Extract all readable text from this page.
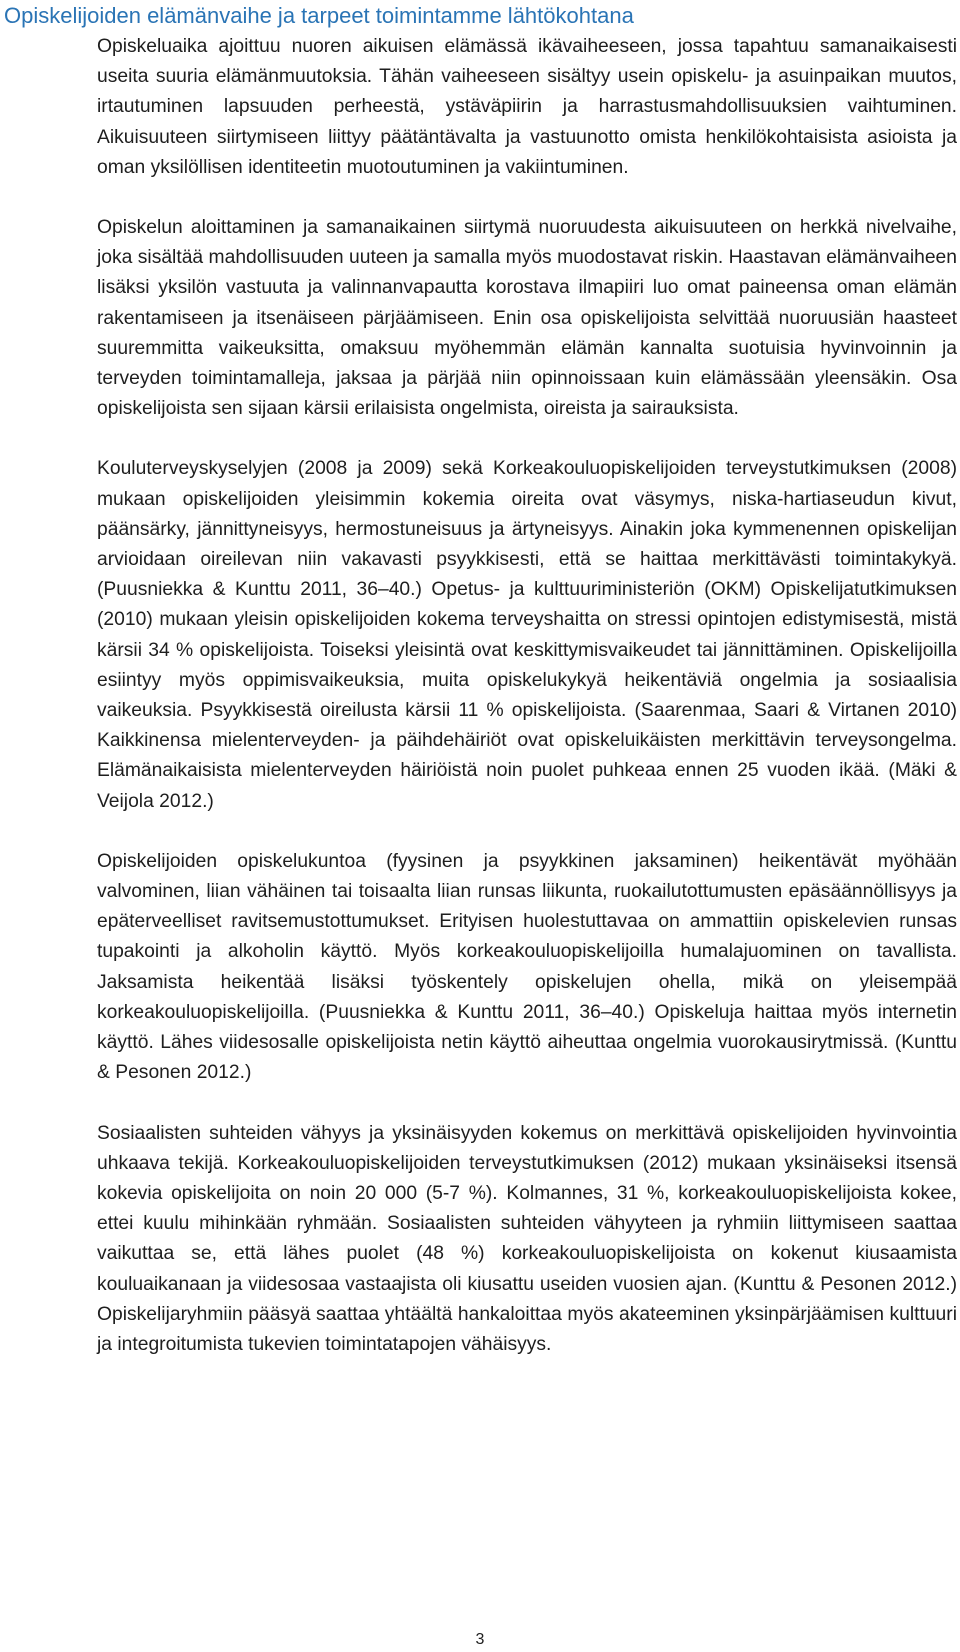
Opiskelijoiden elämänvaihe ja tarpeet toimintamme lähtökohtana

Opiskeluaika ajoittuu nuoren aikuisen elämässä ikävaiheeseen, jossa tapahtuu samanaikaisesti useita suuria elämänmuutoksia. Tähän vaiheeseen sisältyy usein opiskelu- ja asuinpaikan muutos, irtautuminen lapsuuden perheestä, ystäväpiirin ja harrastusmahdollisuuksien vaihtuminen. Aikuisuuteen siirtymiseen liittyy päätäntävalta ja vastuunotto omista henkilökohtaisista asioista ja oman yksilöllisen identiteetin muotoutuminen ja vakiintuminen.

Opiskelun aloittaminen ja samanaikainen siirtymä nuoruudesta aikuisuuteen on herkkä nivelvaihe, joka sisältää mahdollisuuden uuteen ja samalla myös muodostavat riskin. Haastavan elämänvaiheen lisäksi yksilön vastuuta ja valinnanvapautta korostava ilmapiiri luo omat paineensa oman elämän rakentamiseen ja itsenäiseen pärjäämiseen. Enin osa opiskelijoista selvittää nuoruusiän haasteet suuremmitta vaikeuksitta, omaksuu myöhemmän elämän kannalta suotuisia hyvinvoinnin ja terveyden toimintamalleja, jaksaa ja pärjää niin opinnoissaan kuin elämässään yleensäkin. Osa opiskelijoista sen sijaan kärsii erilaisista ongelmista, oireista ja sairauksista.

Kouluterveyskyselyjen (2008 ja 2009) sekä Korkeakouluopiskelijoiden terveystutkimuksen (2008) mukaan opiskelijoiden yleisimmin kokemia oireita ovat väsymys, niska-hartiaseudun kivut, päänsärky, jännittyneisyys, hermostuneisuus ja ärtyneisyys. Ainakin joka kymmenennen opiskelijan arvioidaan oireilevan niin vakavasti psyykkisesti, että se haittaa merkittävästi toimintakykyä. (Puusniekka & Kunttu 2011, 36–40.) Opetus- ja kulttuuriministeriön (OKM) Opiskelijatutkimuksen (2010) mukaan yleisin opiskelijoiden kokema terveyshaitta on stressi opintojen edistymisestä, mistä kärsii 34 % opiskelijoista. Toiseksi yleisintä ovat keskittymisvaikeudet tai jännittäminen. Opiskelijoilla esiintyy myös oppimisvaikeuksia, muita opiskelukykyä heikentäviä ongelmia ja sosiaalisia vaikeuksia. Psyykkisestä oireilusta kärsii 11 % opiskelijoista. (Saarenmaa, Saari & Virtanen 2010) Kaikkinensa mielenterveyden- ja päihdehäiriöt ovat opiskeluikäisten merkittävin terveysongelma. Elämänaikaisista mielenterveyden häiriöistä noin puolet puhkeaa ennen 25 vuoden ikää. (Mäki & Veijola 2012.)

Opiskelijoiden opiskelukuntoa (fyysinen ja psyykkinen jaksaminen) heikentävät myöhään valvominen, liian vähäinen tai toisaalta liian runsas liikunta, ruokailutottumusten epäsäännöllisyys ja epäterveelliset ravitsemustottumukset. Erityisen huolestuttavaa on ammattiin opiskelevien runsas tupakointi ja alkoholin käyttö. Myös korkeakouluopiskelijoilla humalajuominen on tavallista. Jaksamista heikentää lisäksi työskentely opiskelujen ohella, mikä on yleisempää korkeakouluopiskelijoilla. (Puusniekka & Kunttu 2011, 36–40.) Opiskeluja haittaa myös internetin käyttö. Lähes viidesosalle opiskelijoista netin käyttö aiheuttaa ongelmia vuorokausirytmissä. (Kunttu & Pesonen 2012.)

Sosiaalisten suhteiden vähyys ja yksinäisyyden kokemus on merkittävä opiskelijoiden hyvinvointia uhkaava tekijä. Korkeakouluopiskelijoiden terveystutkimuksen (2012) mukaan yksinäiseksi itsensä kokevia opiskelijoita on noin 20 000 (5-7 %). Kolmannes, 31 %, korkeakouluopiskelijoista kokee, ettei kuulu mihinkään ryhmään. Sosiaalisten suhteiden vähyyteen ja ryhmiin liittymiseen saattaa vaikuttaa se, että lähes puolet (48 %) korkeakouluopiskelijoista on kokenut kiusaamista kouluaikanaan ja viidesosaa vastaajista oli kiusattu useiden vuosien ajan. (Kunttu & Pesonen 2012.) Opiskelijaryhmiin pääsyä saattaa yhtäältä hankaloittaa myös akateeminen yksinpärjäämisen kulttuuri ja integroitumista tukevien toimintatapojen vähäisyys.

3
